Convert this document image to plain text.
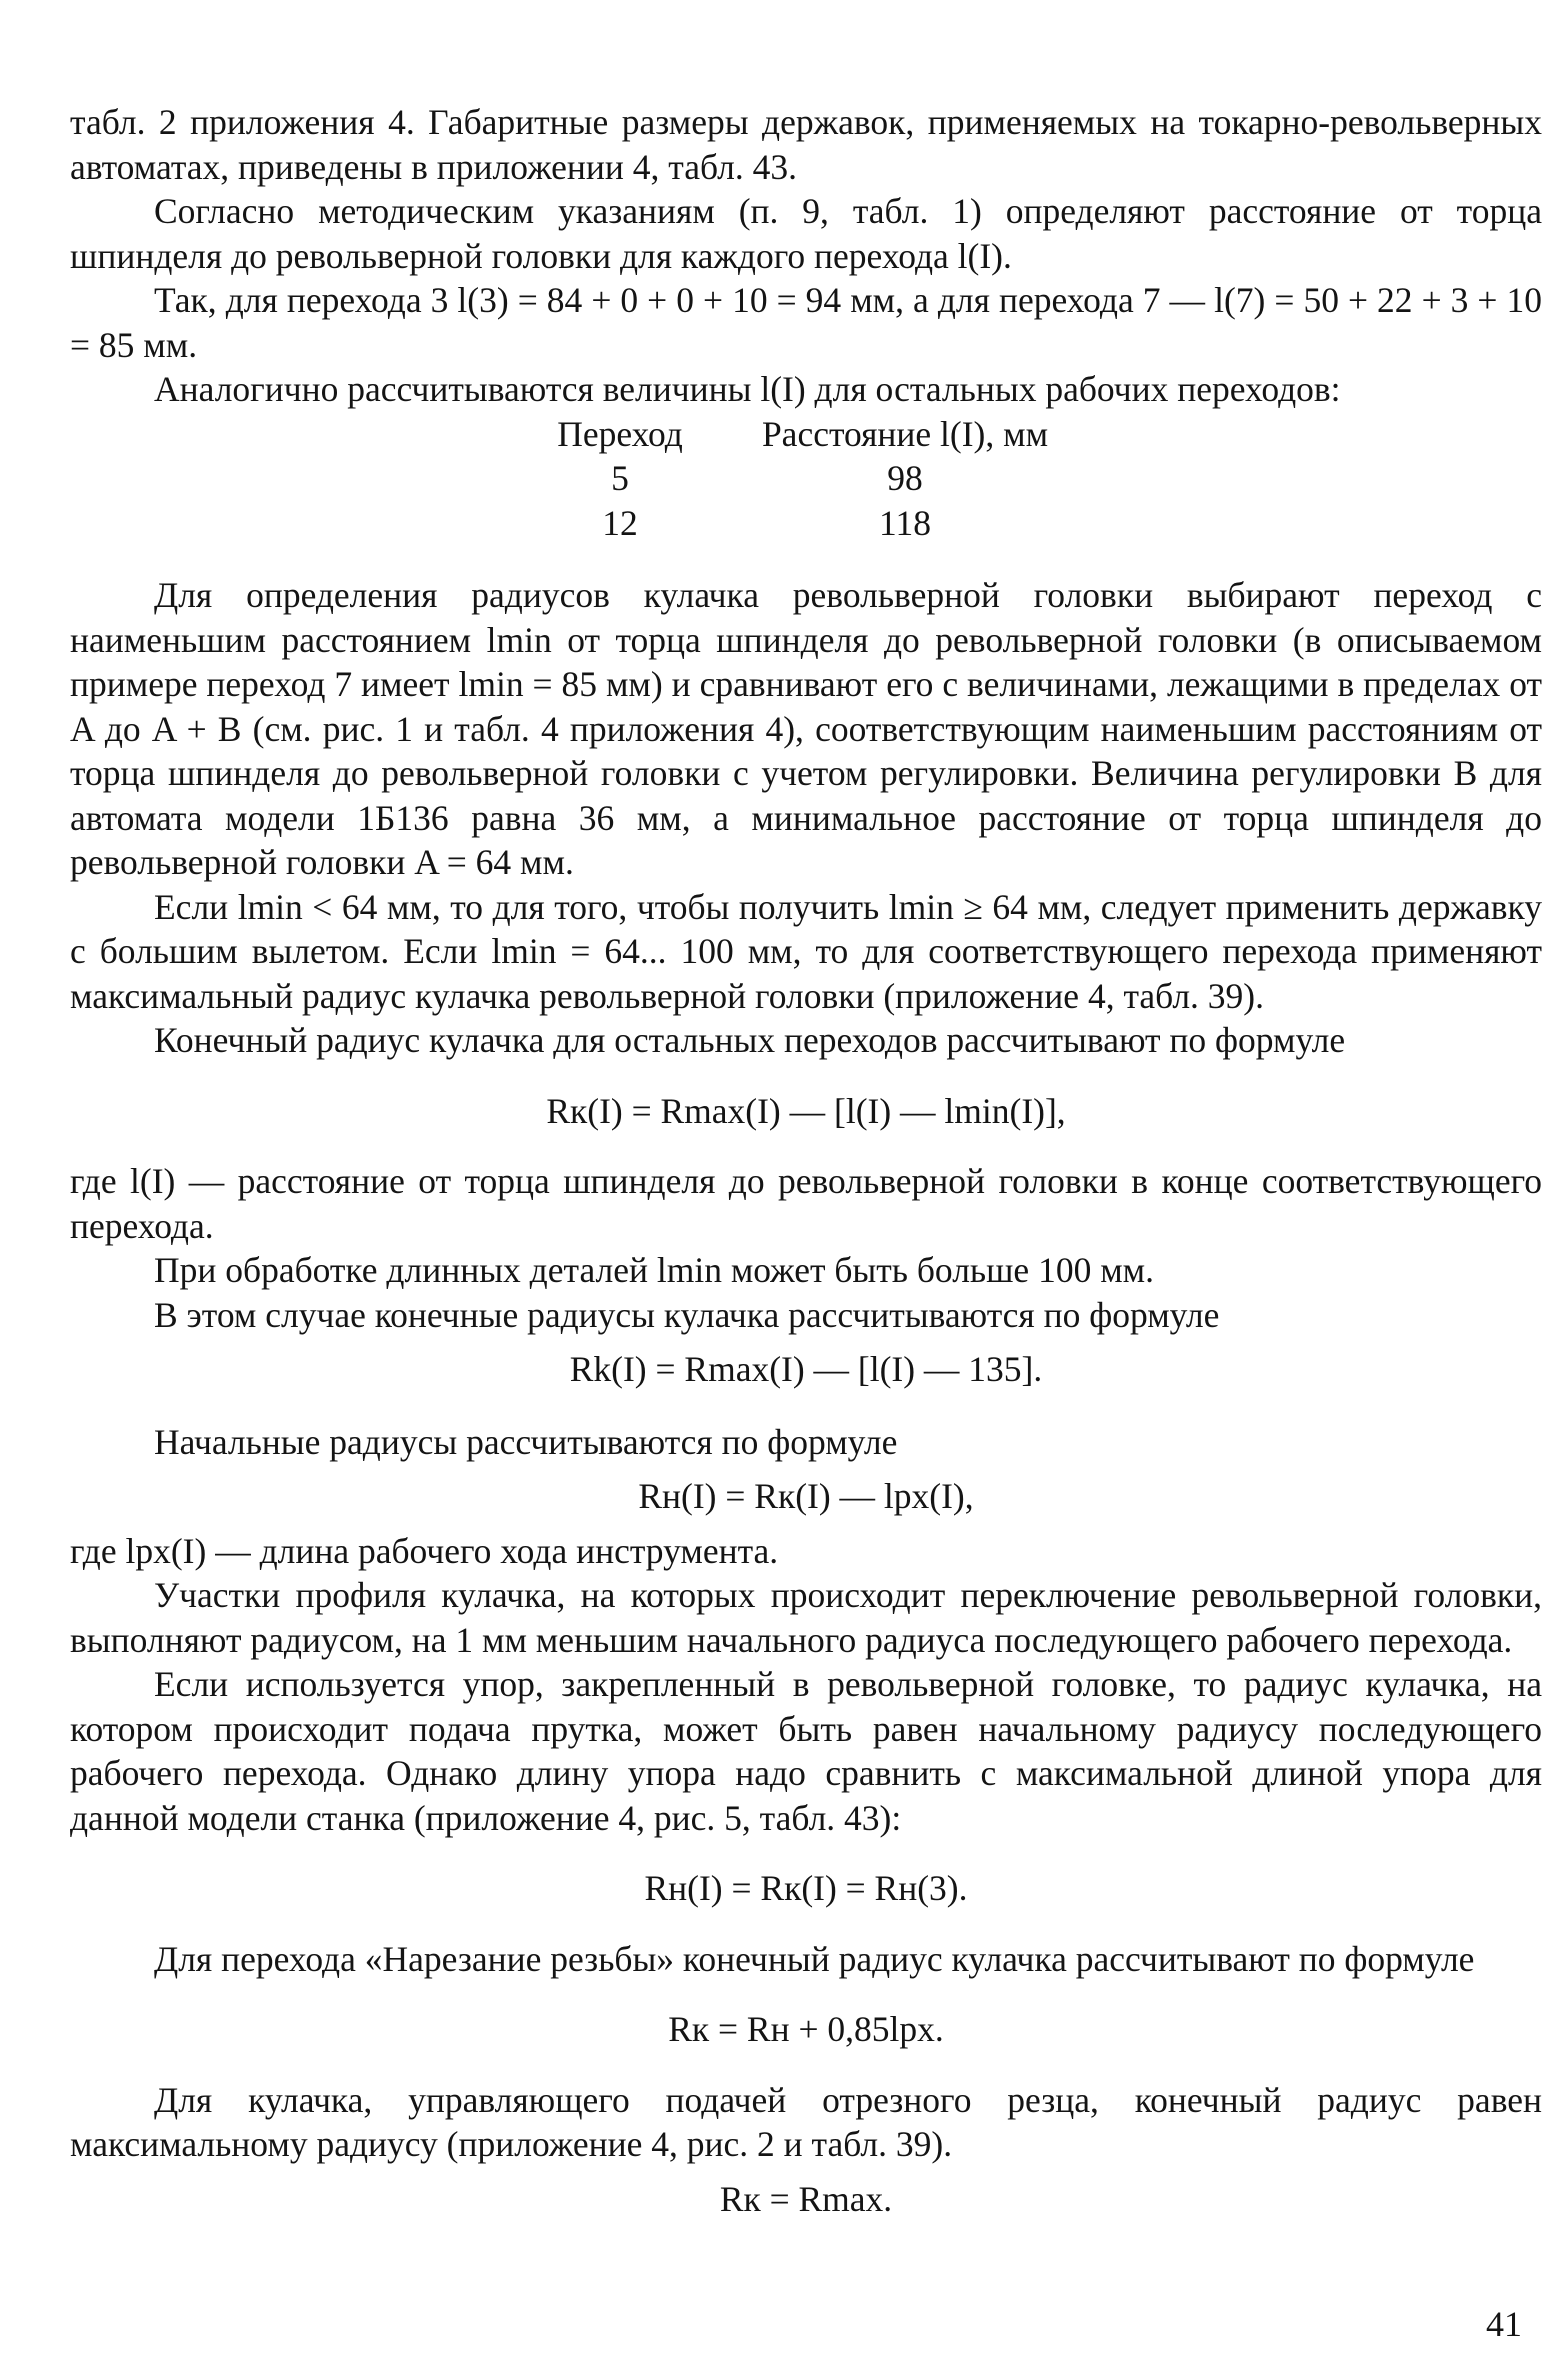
табл. 2 приложения 4. Габаритные размеры державок, применяемых на токарно-револьверных автоматах, приведены в приложении 4, табл. 43.

Согласно методическим указаниям (п. 9, табл. 1) определяют расстояние от торца шпинделя до револьверной головки для каждого перехода l(I).

Так, для перехода 3 l(3) = 84 + 0 + 0 + 10 = 94 мм, а для перехода 7 — l(7) = 50 + 22 + 3 + 10 = 85 мм.

Аналогично рассчитываются величины l(I) для остальных рабочих переходов:

Переход	Расстояние l(I), мм
5	98
12	118

Для определения радиусов кулачка револьверной головки выбирают переход с наименьшим расстоянием lmin от торца шпинделя до револьверной головки (в описываемом примере переход 7 имеет lmin = 85 мм) и сравнивают его с величинами, лежащими в пределах от A до A + B (см. рис. 1 и табл. 4 приложения 4), соответствующим наименьшим расстояниям от торца шпинделя до револьверной головки с учетом регулировки. Величина регулировки B для автомата модели 1Б136 равна 36 мм, а минимальное расстояние от торца шпинделя до револьверной головки A = 64 мм.

Если lmin < 64 мм, то для того, чтобы получить lmin ≥ 64 мм, следует применить державку с большим вылетом. Если lmin = 64... 100 мм, то для соответствующего перехода применяют максимальный радиус кулачка револьверной головки (приложение 4, табл. 39).

Конечный радиус кулачка для остальных переходов рассчитывают по формуле

Rк(I) = Rmax(I) — [l(I) — lmin(I)],

где l(I) — расстояние от торца шпинделя до револьверной головки в конце соответствующего перехода.

При обработке длинных деталей lmin может быть больше 100 мм.

В этом случае конечные радиусы кулачка рассчитываются по формуле

Rk(I) = Rmax(I) — [l(I) — 135].

Начальные радиусы рассчитываются по формуле

Rн(I) = Rк(I) — lрх(I),

где lрх(I) — длина рабочего хода инструмента.

Участки профиля кулачка, на которых происходит переключение револьверной головки, выполняют радиусом, на 1 мм меньшим начального радиуса последующего рабочего перехода.

Если используется упор, закрепленный в револьверной головке, то радиус кулачка, на котором происходит подача прутка, может быть равен начальному радиусу последующего рабочего перехода. Однако длину упора надо сравнить с максимальной длиной упора для данной модели станка (приложение 4, рис. 5, табл. 43):

Rн(I) = Rк(I) = Rн(3).

Для перехода «Нарезание резьбы» конечный радиус кулачка рассчитывают по формуле

Rк = Rн + 0,85lрх.

Для кулачка, управляющего подачей отрезного резца, конечный радиус равен максимальному радиусу (приложение 4, рис. 2 и табл. 39).

Rк = Rmax.
41
